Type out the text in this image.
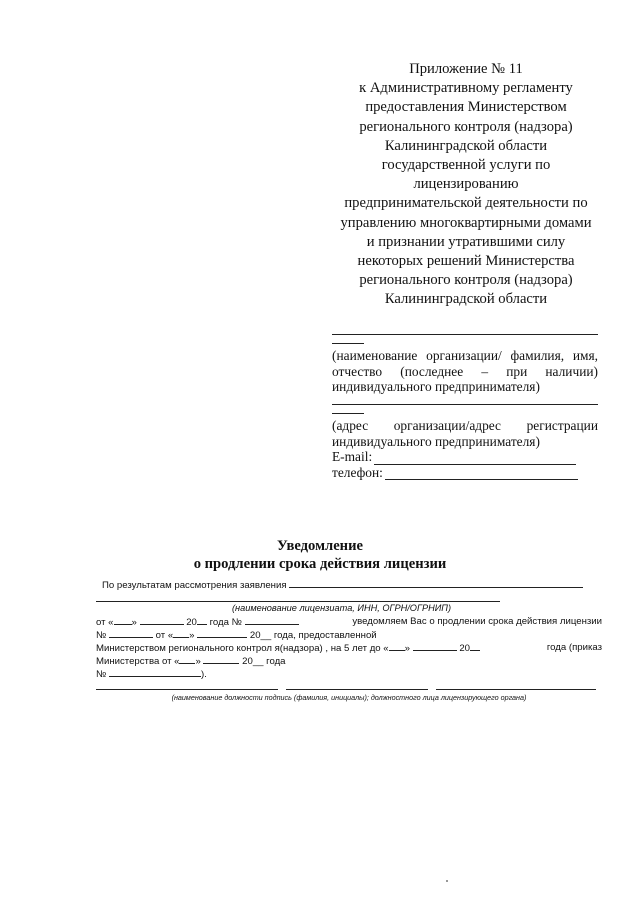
Приложение № 11
к Административному регламенту
предоставления Министерством
регионального контроля (надзора)
Калининградской области
государственной услуги по
лицензированию
предпринимательской деятельности по
управлению многоквартирными домами
и признании утратившими силу
некоторых решений Министерства
регионального контроля (надзора)
Калининградской области
(наименование организации/ фамилия, имя,
отчество (последнее – при наличии)
индивидуального предпринимателя)
(адрес организации/адрес регистрации
индивидуального предпринимателя)
E-mail:
телефон:
Уведомление
о продлении срока действия лицензии
По результатам рассмотрения заявления
(наименование лицензиата, ИНН, ОГРН/ОГРНИП)
от « »	20 года №	уведомляем Вас о продлении срока действия лицензии
№	от « »	20__ года, предоставленной
Министерством регионального контрол я(надзора) , на 5 лет до « »	20	года (приказ
Министерства от « »	20__ года
№	).
(наименование должности подпись (фамилия, инициалы); должностного лица лицензирующего органа)
